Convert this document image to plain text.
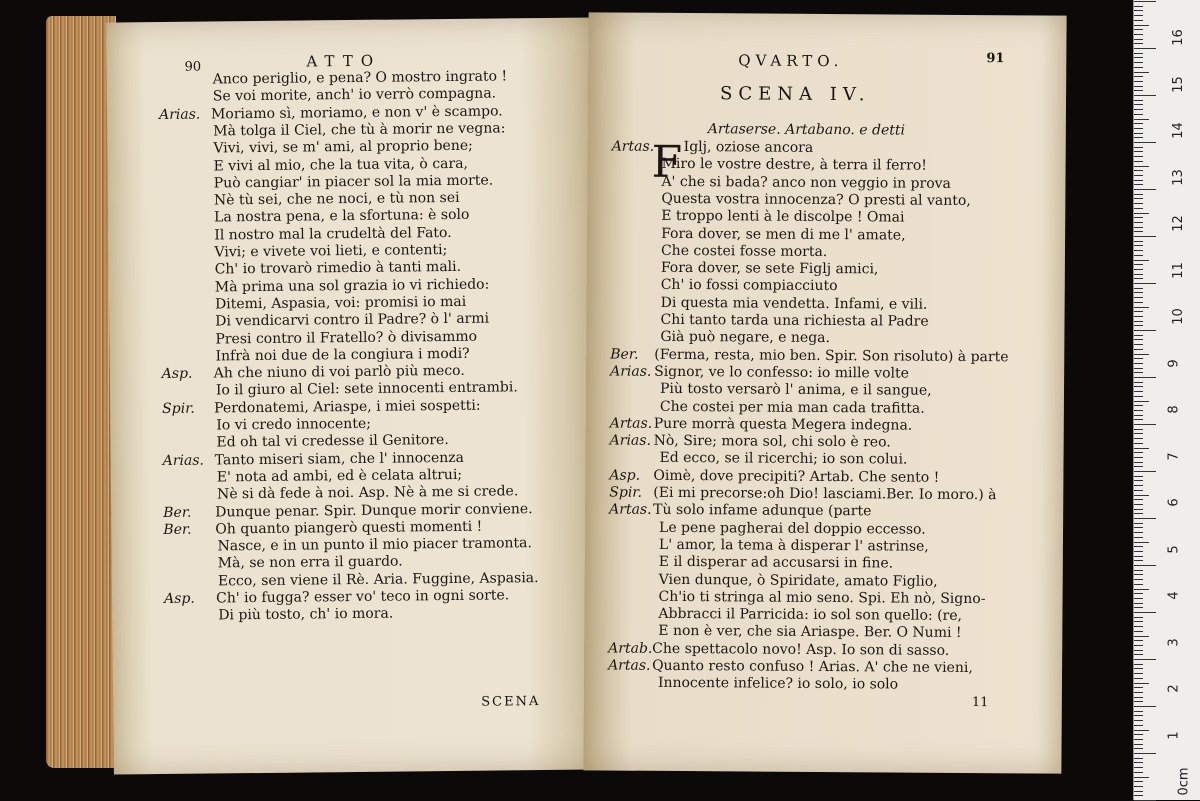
90	ATTO
Anco periglio, e pena? O mostro ingrato !
Se voi morite, anch' io verrò compagna.
Arias. Moriamo sì, moriamo, e non v' è scampo.
Mà tolga il Ciel, che tù à morir ne vegna:
Vivi, vivi, se m' ami, al proprio bene;
E vivi al mio, che la tua vita, ò cara,
Può cangiar' in piacer sol la mia morte.
Nè tù sei, che ne noci, e tù non sei
La nostra pena, e la sfortuna: è solo
Il nostro mal la crudeltà del Fato.
Vivi; e vivete voi lieti, e contenti;
Ch' io trovarò rimedio à tanti mali.
Mà prima una sol grazia io vi richiedo:
Ditemi, Aspasia, voi: promisi io mai
Di vendicarvi contro il Padre? ò l' armi
Presi contro il Fratello? ò divisammo
Infrà noi due de la congiura i modi?
Asp. Ah che niuno di voi parlò più meco.
Io il giuro al Ciel: sete innocenti entrambi.
Spir. Perdonatemi, Ariaspe, i miei sospetti:
Io vi credo innocente;
Ed oh tal vi credesse il Genitore.
Arias. Tanto miseri siam, che l' innocenza
E' nota ad ambi, ed è celata altrui;
Nè si dà fede à noi. Asp. Nè à me si crede.
Ber. Dunque penar. Spir. Dunque morir conviene.
Ber. Oh quanto piangerò questi momenti !
Nasce, e in un punto il mio piacer tramonta.
Mà, se non erra il guardo.
Ecco, sen viene il Rè. Aria. Fuggine, Aspasia.
Asp. Ch' io fugga? esser vo' teco in ogni sorte.
Di più tosto, ch' io mora.
SCENA
QVARTO.	91
SCENA IV.
Artaserse. Artabano. e detti
F
Artas. Iglj, oziose ancora
Miro le vostre destre, à terra il ferro!
A' che si bada? anco non veggio in prova
Questa vostra innocenza? O presti al vanto,
E troppo lenti à le discolpe ! Omai
Fora dover, se men di me l' amate,
Che costei fosse morta.
Fora dover, se sete Figlj amici,
Ch' io fossi compiacciuto
Di questa mia vendetta. Infami, e vili.
Chi tanto tarda una richiesta al Padre
Già può negare, e nega.
Ber. (Ferma, resta, mio ben. Spir. Son risoluto) à parte
Arias. Signor, ve lo confesso: io mille volte
Più tosto versarò l' anima, e il sangue,
Che costei per mia man cada trafitta.
Artas. Pure morrà questa Megera indegna.
Arias. Nò, Sire; mora sol, chi solo è reo.
Ed ecco, se il ricerchi; io son colui.
Asp. Oimè, dove precipiti? Artab. Che sento !
Spir. (Ei mi precorse:oh Dio! lasciami.Ber. Io moro.) à
Artas. Tù solo infame adunque (parte
Le pene pagherai del doppio eccesso.
L' amor, la tema à disperar l' astrinse,
E il disperar ad accusarsi in fine.
Vien dunque, ò Spiridate, amato Figlio,
Ch'io ti stringa al mio seno. Spi. Eh nò, Signo-
Abbracci il Parricida: io sol son quello: (re,
E non è ver, che sia Ariaspe. Ber. O Numi !
Artab. Che spettacolo novo! Asp. Io son di sasso.
Artas. Quanto resto confuso ! Arias. A' che ne vieni,
Innocente infelice? io solo, io solo
11
16
15
14
13
12
11
10
9
8
7
6
5
4
3
2
1
0cm
